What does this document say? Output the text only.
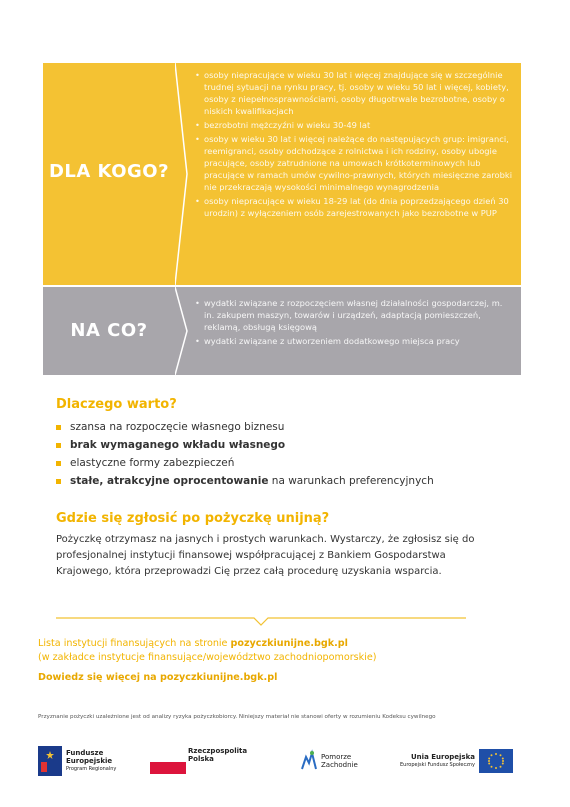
DLA KOGO?
• osoby niepracujące w wieku 30 lat i więcej znajdujące się w szczególnie trudnej sytuacji na rynku pracy, tj. osoby w wieku 50 lat i więcej, kobiety, osoby z niepełnosprawnościami, osoby długotrwale bezrobotne, osoby o niskich kwalifikacjach
• bezrobotni mężczyźni w wieku 30-49 lat
• osoby w wieku 30 lat i więcej należące do następujących grup: imigranci, reemigranci, osoby odchodzące z rolnictwa i ich rodziny, osoby ubogie pracujące, osoby zatrudnione na umowach krótkoterminowych lub pracujące w ramach umów cywilno-prawnych, których miesięczne zarobki nie przekraczają wysokości minimalnego wynagrodzenia
• osoby niepracujące w wieku 18-29 lat (do dnia poprzedzającego dzień 30 urodzin) z wyłączeniem osób zarejestrowanych jako bezrobotne w PUP
NA CO?
• wydatki związane z rozpoczęciem własnej działalności gospodarczej, m. in. zakupem maszyn, towarów i urządzeń, adaptacją pomieszczeń, reklamą, obsługą księgową
• wydatki związane z utworzeniem dodatkowego miejsca pracy
Dlaczego warto?
szansa na rozpoczęcie własnego biznesu
brak wymaganego wkładu własnego
elastyczne formy zabezpieczeń
stałe, atrakcyjne oprocentowanie na warunkach preferencyjnych
Gdzie się zgłosić po pożyczkę unijną?

Pożyczkę otrzymasz na jasnych i prostych warunkach. Wystarczy, że zgłosisz się do profesjonalnej instytucji finansowej współpracującej z Bankiem Gospodarstwa Krajowego, która przeprowadzi Cię przez całą procedurę uzyskania wsparcia.

Lista instytucji finansujących na stronie pozyczkiunijne.bgk.pl

(w zakładce instytucje finansujące/województwo zachodniopomorskie)

Dowiedz się więcej na pozyczkiunijne.bgk.pl

Przyznanie pożyczki uzależnione jest od analizy ryzyka pożyczkobiorcy. Niniejszy materiał nie stanowi oferty w rozumieniu Kodeksu cywilnego
Fundusze
Europejskie
Program Regionalny
Rzeczpospolita
Polska	Pomorze
Zachodnie
Unia Europejska
Europejski Fundusz Społeczny
